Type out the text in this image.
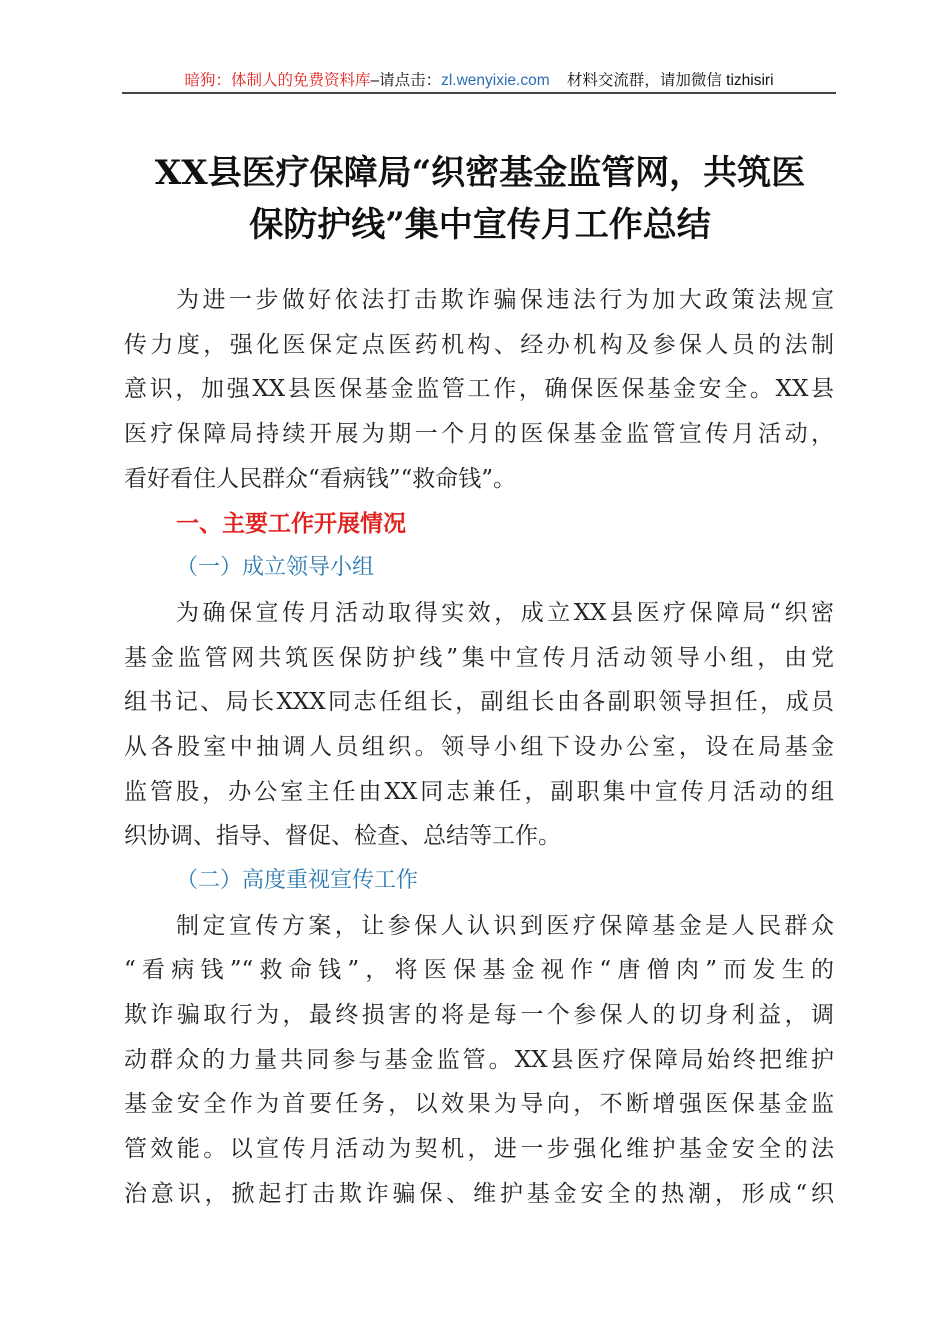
暗狗：体制人的免费资料库–请点击：zl.wenyixie.com 材料交流群，请加微信 tizhisiri
XX县医疗保障局“织密基金监管网，共筑医
保防护线”集中宣传月工作总结
为进一步做好依法打击欺诈骗保违法行为加大政策法规宣
传力度，强化医保定点医药机构、经办机构及参保人员的法制
意识，加强XX县医保基金监管工作，确保医保基金安全。XX县
医疗保障局持续开展为期一个月的医保基金监管宣传月活动，
看好看住人民群众“看病钱”“救命钱”。
一、主要工作开展情况
（一）成立领导小组
为确保宣传月活动取得实效，成立XX县医疗保障局“织密
基金监管网共筑医保防护线”集中宣传月活动领导小组，由党
组书记、局长XXX同志任组长，副组长由各副职领导担任，成员
从各股室中抽调人员组织。领导小组下设办公室，设在局基金
监管股，办公室主任由XX同志兼任，副职集中宣传月活动的组
织协调、指导、督促、检查、总结等工作。
（二）高度重视宣传工作
制定宣传方案，让参保人认识到医疗保障基金是人民群众
“看病钱”“救命钱”，将医保基金视作“唐僧肉”而发生的
欺诈骗取行为，最终损害的将是每一个参保人的切身利益，调
动群众的力量共同参与基金监管。XX县医疗保障局始终把维护
基金安全作为首要任务，以效果为导向，不断增强医保基金监
管效能。以宣传月活动为契机，进一步强化维护基金安全的法
治意识，掀起打击欺诈骗保、维护基金安全的热潮，形成“织
